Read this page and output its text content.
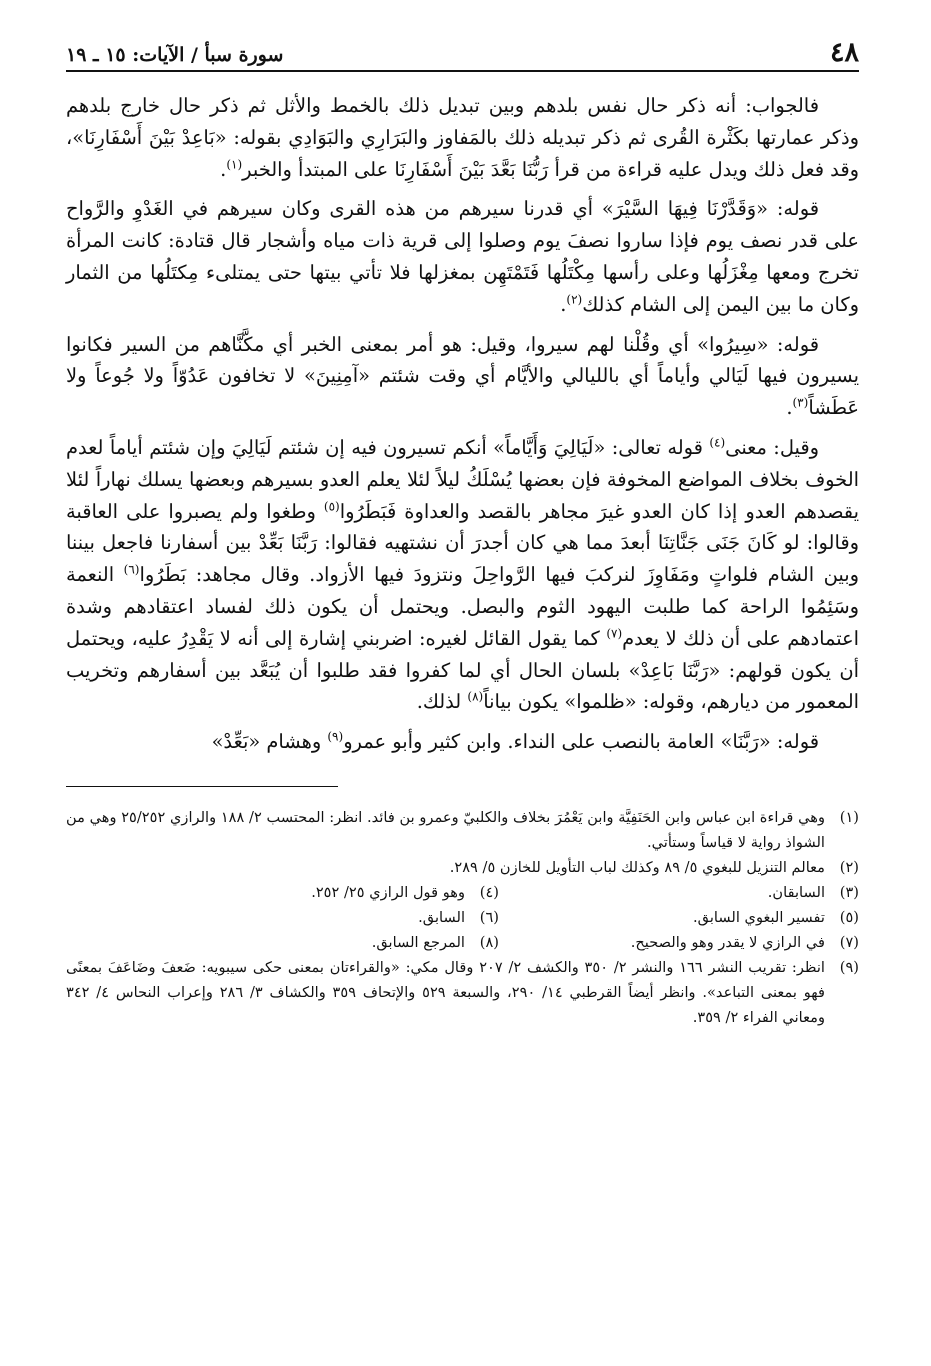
٤٨
سورة سبأ / الآيات: ١٥ ـ ١٩

فالجواب: أنه ذكر حال نفس بلدهم وبين تبديل ذلك بالخمط والأثل ثم ذكر حال خارج بلدهم وذكر عمارتها بكَثْرة القُرى ثم ذكر تبديله ذلك بالمَفاوز والبَرَارِي والبَوَادِي بقوله: «بَاعِدْ بَيْنَ أَسْفَارِنَا»، وقد فعل ذلك ويدل عليه قراءة من قرأ رَبُّنَا بَعَّدَ بَيْنَ أَسْفَارِنَا على المبتدأ والخبر$^{(١)}$.

قوله: «وَقَدَّرْنَا فِيهَا السَّيْرَ» أي قدرنا سيرهم من هذه القرى وكان سيرهم في الغَدْوِ والرَّواح على قدر نصف يوم فإذا ساروا نصفَ يوم وصلوا إلى قرية ذات مياه وأشجار قال قتادة: كانت المرأة تخرج ومعها مِغْزَلُها وعلى رأسها مِكْتَلُها فَتَمْتَهِن بمغزلها فلا تأتي بيتها حتى يمتلىء مِكتَلُها من الثمار وكان ما بين اليمن إلى الشام كذلك$^{(٢)}$.

قوله: «سِيرُوا» أي وقُلْنا لهم سيروا، وقيل: هو أمر بمعنى الخبر أي مكَّنَّاهم من السير فكانوا يسيرون فيها لَيَالي وأياماً أي بالليالي والأيَّام أي وقت شئتم «آمِنِينَ» لا تخافون عَدُوّاً ولا جُوعاً ولا عَطَشاً$^{(٣)}$.

وقيل: معنى$^{(٤)}$ قوله تعالى: «لَيَالِيَ وَأَيَّاماً» أنكم تسيرون فيه إن شئتم لَيَالِيَ وإن شئتم أياماً لعدم الخوف بخلاف المواضع المخوفة فإن بعضها يُسْلَكُ ليلاً لئلا يعلم العدو بسيرهم وبعضها يسلك نهاراً لئلا يقصدهم العدو إذا كان العدو غيرَ مجاهر بالقصد والعداوة فَبَطَرُوا$^{(٥)}$ وطغوا ولم يصبروا على العاقبة وقالوا: لو كَانَ جَنَى جَنَّاتِنَا أبعدَ مما هي كان أجدرَ أن نشتهيه فقالوا: رَبَّنَا بَعِّدْ بين أسفارنا فاجعل بيننا وبين الشام فلواتٍ ومَفَاوِزَ لنركبَ فيها الرَّواحِلَ ونتزودَ فيها الأزواد. وقال مجاهد: بَطَرُوا$^{(٦)}$ النعمة وسَئِمُوا الراحة كما طلبت اليهود الثوم والبصل. ويحتمل أن يكون ذلك لفساد اعتقادهم وشدة اعتمادهم على أن ذلك لا يعدم$^{(٧)}$ كما يقول القائل لغيره: اضربني إشارة إلى أنه لا يَقْدِرُ عليه، ويحتمل أن يكون قولهم: «رَبَّنَا بَاعِدْ» بلسان الحال أي لما كفروا فقد طلبوا أن يُبَعَّد بين أسفارهم وتخريب المعمور من ديارهم، وقوله: «ظلموا» يكون بياناً$^{(٨)}$ لذلك.

قوله: «رَبَّنَا» العامة بالنصب على النداء. وابن كثير وأبو عمرو$^{(٩)}$ وهشام «بَعِّدْ»

(١)
وهي قراءة ابن عباس وابن الحَنَفِيَّة وابن يَعْمُرَ بخلاف والكلبيّ وعمرو بن فائد. انظر: المحتسب ٢/ ١٨٨ والرازي ٢٥/٢٥٢ وهي من الشواذ رواية لا قياساً وستأتي.
(٢)
معالم التنزيل للبغوي ٥/ ٨٩ وكذلك لباب التأويل للخازن ٥/ ٢٨٩.
(٣)
السابقان.
(٤)
وهو قول الرازي ٢٥/ ٢٥٢.
(٥)
تفسير البغوي السابق.
(٦)
السابق.
(٧)
في الرازي لا يقدر وهو والصحيح.
(٨)
المرجع السابق.
(٩)
انظر: تقريب النشر ١٦٦ والنشر ٢/ ٣٥٠ والكشف ٢/ ٢٠٧ وقال مكي: «والقراءتان بمعنى حكى سيبويه: ضَعفَ وضَاعَفَ بمعنًى فهو بمعنى التباعد». وانظر أيضاً القرطبي ١٤/ ٢٩٠، والسبعة ٥٢٩ والإتحاف ٣٥٩ والكشاف ٣/ ٢٨٦ وإعراب النحاس ٤/ ٣٤٢ ومعاني الفراء ٢/ ٣٥٩.
